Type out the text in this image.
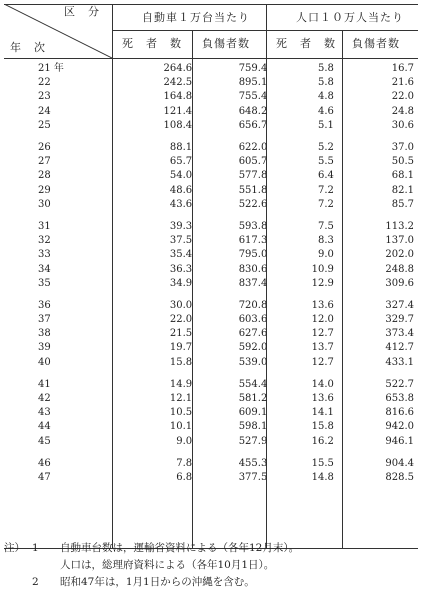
区　分
年　次
自動車１万台当たり	人口１０万人当たり
死　者　数 負傷者数 死　者　数 負傷者数
21 年	264.6	759.4	5.8	16.7
22	242.5	895.1	5.8	21.6
23	164.8	755.4	4.8	22.0
24	121.4	648.2	4.6	24.8
25	108.4	656.7	5.1	30.6

26	88.1	622.0	5.2	37.0
27	65.7	605.7	5.5	50.5
28	54.0	577.8	6.4	68.1
29	48.6	551.8	7.2	82.1
30	43.6	522.6	7.2	85.7

31	39.3	593.8	7.5	113.2
32	37.5	617.3	8.3	137.0
33	35.4	795.0	9.0	202.0
34	36.3	830.6	10.9	248.8
35	34.9	837.4	12.9	309.6

36	30.0	720.8	13.6	327.4
37	22.0	603.6	12.0	329.7
38	21.5	627.6	12.7	373.4
39	19.7	592.0	13.7	412.7
40	15.8	539.0	12.7	433.1

41	14.9	554.4	14.0	522.7
42	12.1	581.2	13.6	653.8
43	10.5	609.1	14.1	816.6
44	10.1	598.1	15.8	942.0
45	9.0	527.9	16.2	946.1

46	7.8	455.3	15.5	904.4
47	6.8	377.5	14.8	828.5
注） 1 自動車台数は，運輸省資料による（各年12月末）。
人口は，総理府資料による（各年10月1日）。
2 昭和47年は，1月1日からの沖縄を含む。
